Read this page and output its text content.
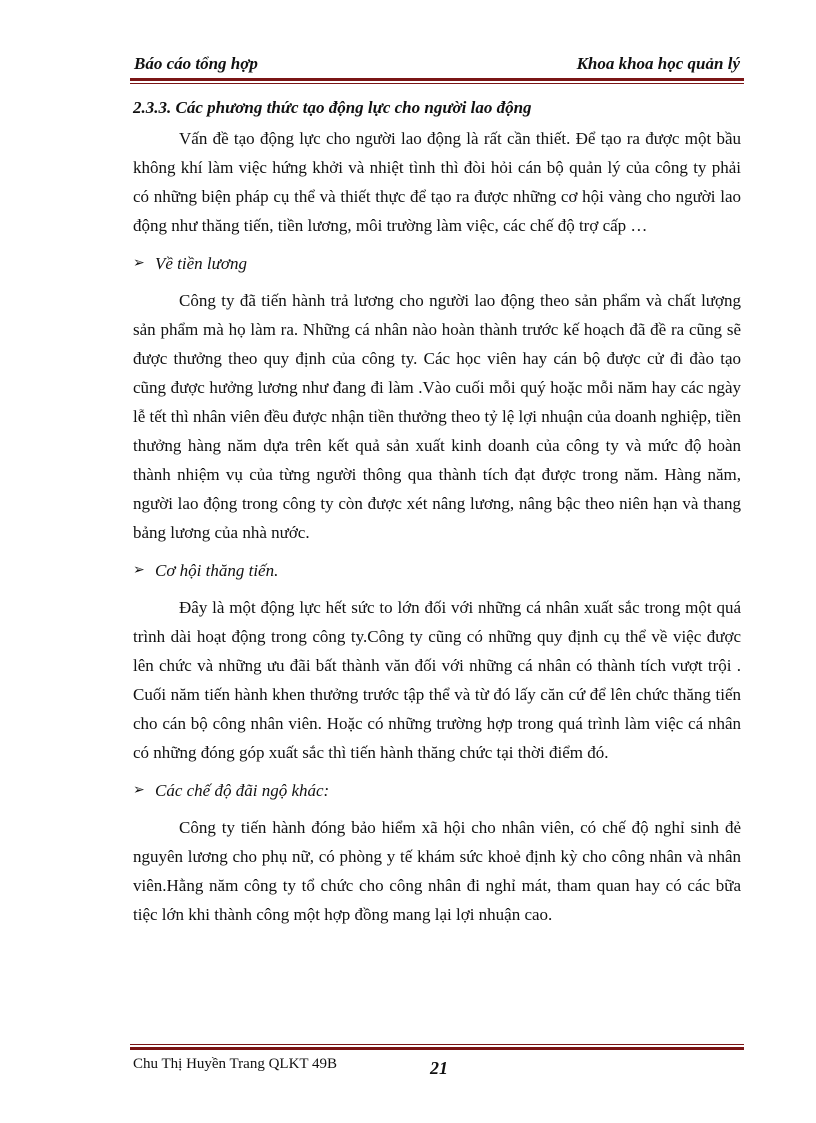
Báo cáo tổng hợp	Khoa khoa học quản lý
2.3.3. Các phương thức tạo động lực cho người lao động

Vấn đề tạo động lực cho người lao động là rất cần thiết. Để tạo ra được một bầu không khí làm việc hứng khởi và nhiệt tình thì đòi hỏi cán bộ quản lý của công ty phải có những biện pháp cụ thể và thiết thực để tạo ra được những cơ hội vàng cho người lao động như thăng tiến, tiền lương, môi trường làm việc, các chế độ trợ cấp …

➢ Về tiền lương

Công ty đã tiến hành trả lương cho người lao động theo sản phẩm và chất lượng sản phẩm mà họ làm ra. Những cá nhân nào hoàn thành trước kế hoạch đã đề ra cũng sẽ được thưởng theo quy định của công ty. Các học viên hay cán bộ được cử đi đào tạo cũng được hưởng lương như đang đi làm .Vào cuối mỗi quý hoặc mỗi năm hay các ngày lễ tết thì nhân viên đều được nhận tiền thưởng theo tỷ lệ lợi nhuận của doanh nghiệp, tiền thưởng hàng năm dựa trên kết quả sản xuất kinh doanh của công ty và mức độ hoàn thành nhiệm vụ của từng người thông qua thành tích đạt được trong năm. Hàng năm, người lao động trong công ty còn được xét nâng lương, nâng bậc theo niên hạn và thang bảng lương của nhà nước.

➢ Cơ hội thăng tiến.

Đây là một động lực hết sức to lớn đối với những cá nhân xuất sắc trong một quá trình dài hoạt động trong công ty.Công ty cũng có những quy định cụ thể về việc được lên chức và những ưu đãi bất thành văn đối với những cá nhân có thành tích vượt trội . Cuối năm tiến hành khen thưởng trước tập thể và từ đó lấy căn cứ để lên chức thăng tiến cho cán bộ công nhân viên. Hoặc có những trường hợp trong quá trình làm việc cá nhân có những đóng góp xuất sắc thì tiến hành thăng chức tại thời điểm đó.

➢ Các chế độ đãi ngộ khác:

Công ty tiến hành đóng bảo hiểm xã hội cho nhân viên, có chế độ nghỉ sinh đẻ nguyên lương cho phụ nữ, có phòng y tế khám sức khoẻ định kỳ cho công nhân và nhân viên.Hằng năm công ty tổ chức cho công nhân đi nghỉ mát, tham quan hay có các bữa tiệc lớn khi thành công một hợp đồng mang lại lợi nhuận cao.

Chu Thị Huyền Trang QLKT 49B	21
